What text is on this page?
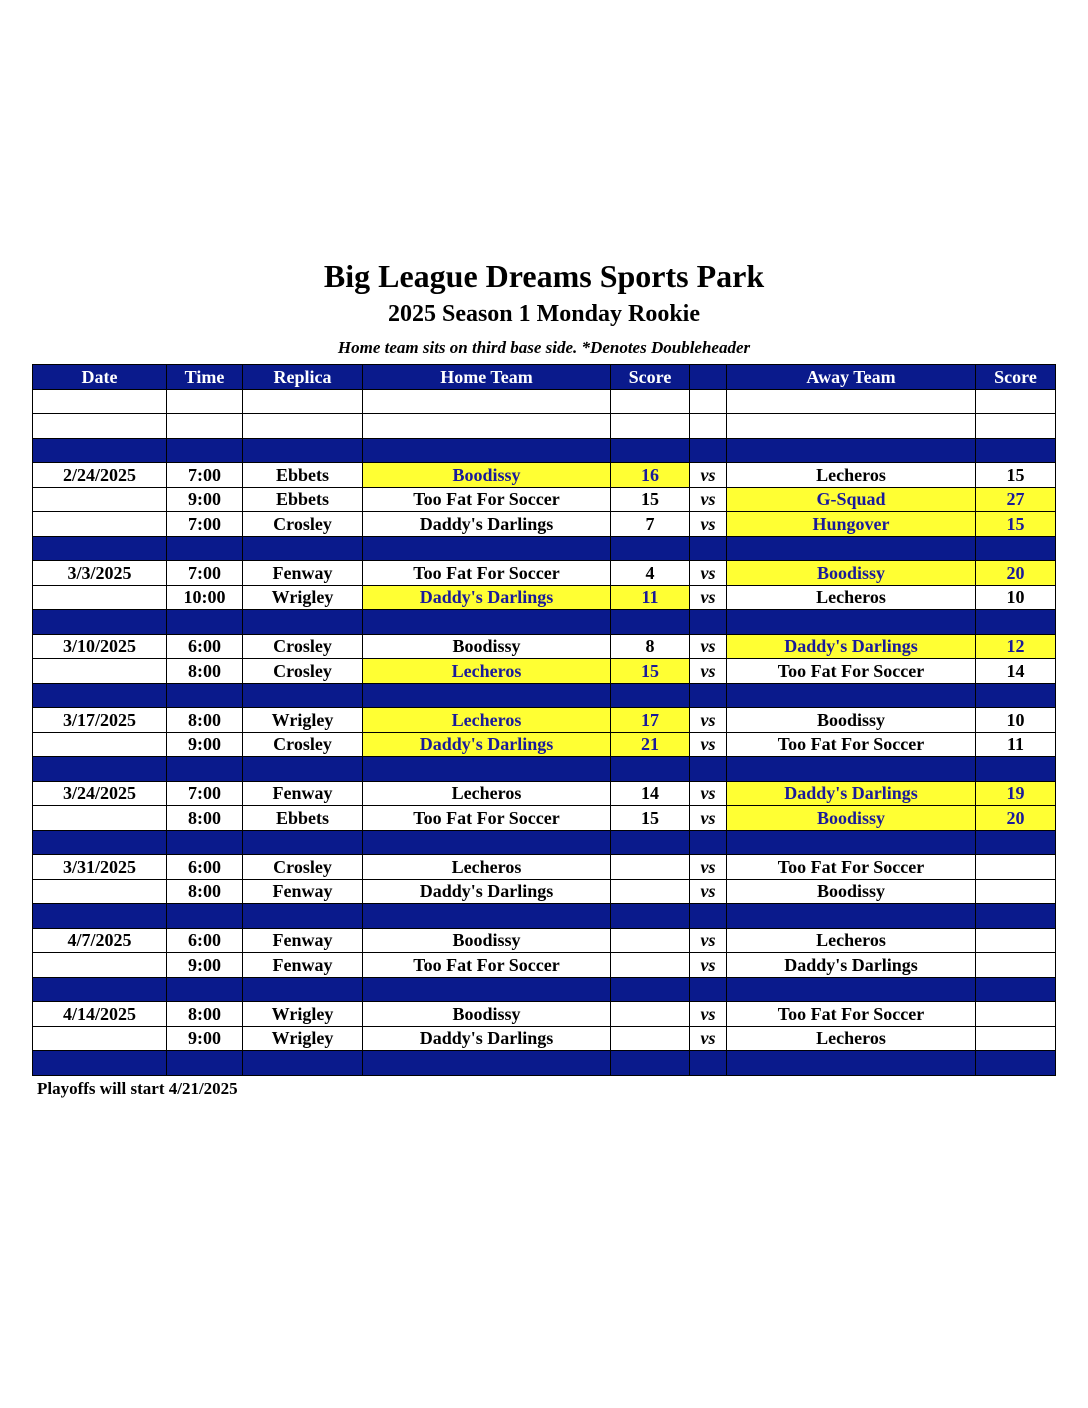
Big League Dreams Sports Park
2025 Season 1 Monday Rookie
Home team sits on third base side. *Denotes Doubleheader
Date	Time	Replica	Home Team	Score		Away Team	Score

2/24/2025	7:00	Ebbets	Boodissy	16	vs	Lecheros	15
	9:00	Ebbets	Too Fat For Soccer	15	vs	G-Squad	27
	7:00	Crosley	Daddy's Darlings	7	vs	Hungover	15

3/3/2025	7:00	Fenway	Too Fat For Soccer	4	vs	Boodissy	20
	10:00	Wrigley	Daddy's Darlings	11	vs	Lecheros	10

3/10/2025	6:00	Crosley	Boodissy	8	vs	Daddy's Darlings	12
	8:00	Crosley	Lecheros	15	vs	Too Fat For Soccer	14

3/17/2025	8:00	Wrigley	Lecheros	17	vs	Boodissy	10
	9:00	Crosley	Daddy's Darlings	21	vs	Too Fat For Soccer	11

3/24/2025	7:00	Fenway	Lecheros	14	vs	Daddy's Darlings	19
	8:00	Ebbets	Too Fat For Soccer	15	vs	Boodissy	20

3/31/2025	6:00	Crosley	Lecheros		vs	Too Fat For Soccer	
	8:00	Fenway	Daddy's Darlings		vs	Boodissy	

4/7/2025	6:00	Fenway	Boodissy		vs	Lecheros	
	9:00	Fenway	Too Fat For Soccer		vs	Daddy's Darlings	

4/14/2025	8:00	Wrigley	Boodissy		vs	Too Fat For Soccer	
	9:00	Wrigley	Daddy's Darlings		vs	Lecheros	

Playoffs will start 4/21/2025
